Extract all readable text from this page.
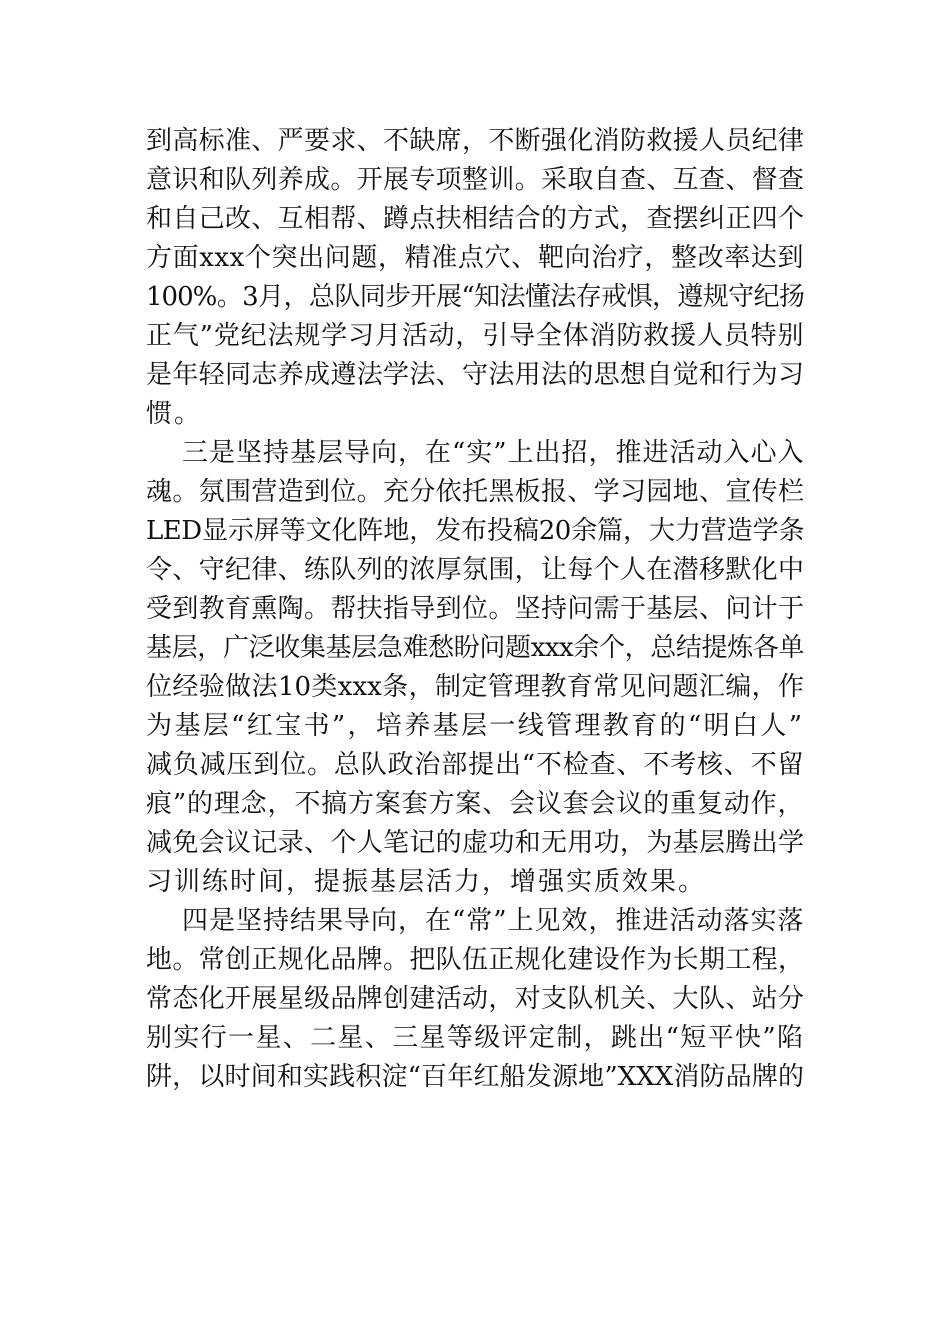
到高标准、严要求、不缺席，不断强化消防救援人员纪律
意识和队列养成。开展专项整训。采取自查、互查、督查
和自己改、互相帮、蹲点扶相结合的方式，查摆纠正四个
方面xxx个突出问题，精准点穴、靶向治疗，整改率达到
100%。3月，总队同步开展“知法懂法存戒惧，遵规守纪扬
正气”党纪法规学习月活动，引导全体消防救援人员特别
是年轻同志养成遵法学法、守法用法的思想自觉和行为习
惯。
三是坚持基层导向，在“实”上出招，推进活动入心入
魂。氛围营造到位。充分依托黑板报、学习园地、宣传栏
LED显示屏等文化阵地，发布投稿20余篇，大力营造学条
令、守纪律、练队列的浓厚氛围，让每个人在潜移默化中
受到教育熏陶。帮扶指导到位。坚持问需于基层、问计于
基层，广泛收集基层急难愁盼问题xxx余个，总结提炼各单
位经验做法10类xxx条，制定管理教育常见问题汇编，作
为基层“红宝书”，培养基层一线管理教育的“明白人”
减负减压到位。总队政治部提出“不检查、不考核、不留
痕”的理念，不搞方案套方案、会议套会议的重复动作，
减免会议记录、个人笔记的虚功和无用功，为基层腾出学
习训练时间，提振基层活力，增强实质效果。
四是坚持结果导向，在“常”上见效，推进活动落实落
地。常创正规化品牌。把队伍正规化建设作为长期工程，
常态化开展星级品牌创建活动，对支队机关、大队、站分
别实行一星、二星、三星等级评定制，跳出“短平快”陷
阱，以时间和实践积淀“百年红船发源地”XXX消防品牌的
